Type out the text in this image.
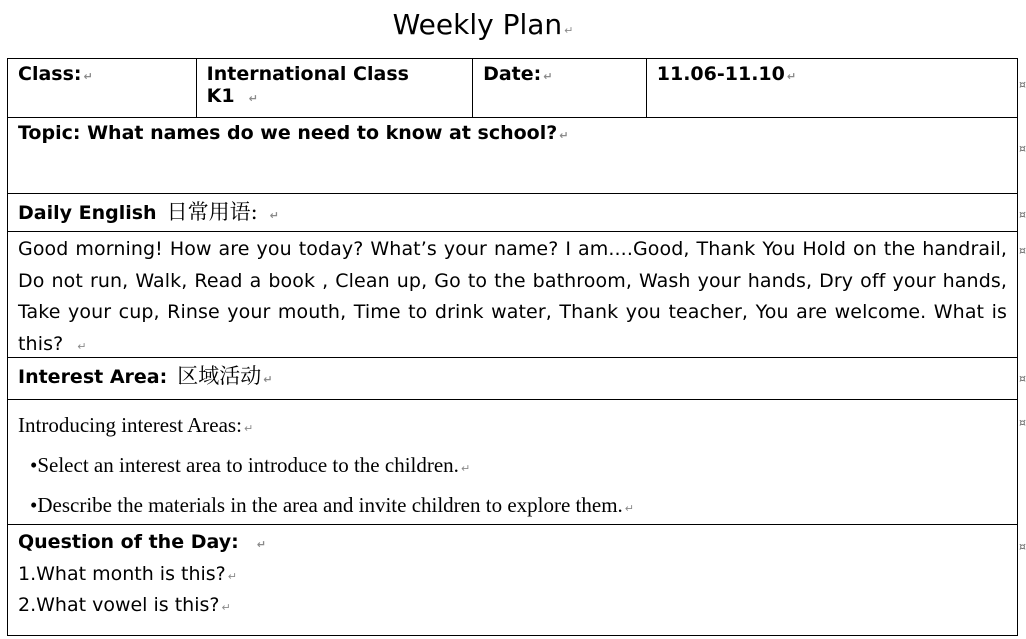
Weekly Plan ↵
Class: ↵	International Class K1 ↵
Date: ↵	11.06-11.10 ↵
Topic: What names do we need to know at school? ↵
Daily English 日常用语: ↵
Good morning! How are you today? What’s your name? I am....Good, Thank You Hold on the handrail, Do not run, Walk, Read a book , Clean up, Go to the bathroom, Wash your hands, Dry off your hands, Take your cup, Rinse your mouth, Time to drink water, Thank you teacher, You are welcome. What is this? ↵
Interest Area: 区域活动 ↵
Introducing interest Areas: ↵
•Select an interest area to introduce to the children. ↵
•Describe the materials in the area and invite children to explore them. ↵
Question of the Day: ↵
1.What month is this? ↵
2.What vowel is this? ↵
¤
¤
¤
¤
¤
¤
¤
